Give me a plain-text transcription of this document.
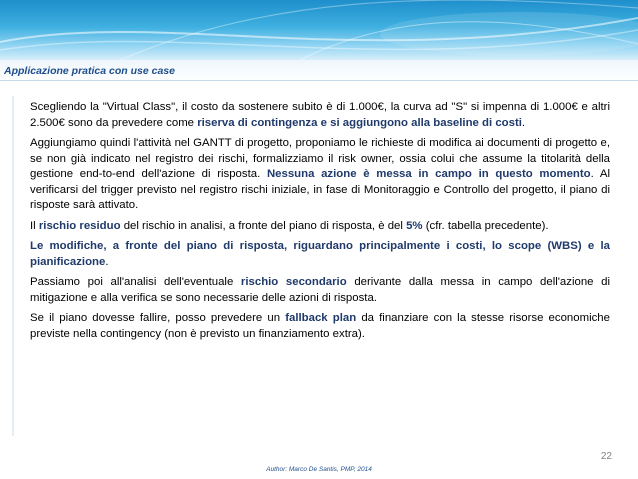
Applicazione pratica con use case

Scegliendo la "Virtual Class", il costo da sostenere subito è di 1.000€, la curva ad "S" si impenna di 1.000€ e altri 2.500€ sono da prevedere come riserva di contingenza e si aggiungono alla baseline di costi.

Aggiungiamo quindi l'attività nel GANTT di progetto, proponiamo le richieste di modifica ai documenti di progetto e, se non già indicato nel registro dei rischi, formalizziamo il risk owner, ossia colui che assume la titolarità della gestione end-to-end dell'azione di risposta. Nessuna azione è messa in campo in questo momento. Al verificarsi del trigger previsto nel registro rischi iniziale, in fase di Monitoraggio e Controllo del progetto, il piano di risposte sarà attivato.

Il rischio residuo del rischio in analisi, a fronte del piano di risposta, è del 5% (cfr. tabella precedente).

Le modifiche, a fronte del piano di risposta, riguardano principalmente i costi, lo scope (WBS) e la pianificazione.

Passiamo poi all'analisi dell'eventuale rischio secondario derivante dalla messa in campo dell'azione di mitigazione e alla verifica se sono necessarie delle azioni di risposta.

Se il piano dovesse fallire, posso prevedere un fallback plan da finanziare con la stesse risorse economiche previste nella contingency (non è previsto un finanziamento extra).

22
Author: Marco De Santis, PMP, 2014
